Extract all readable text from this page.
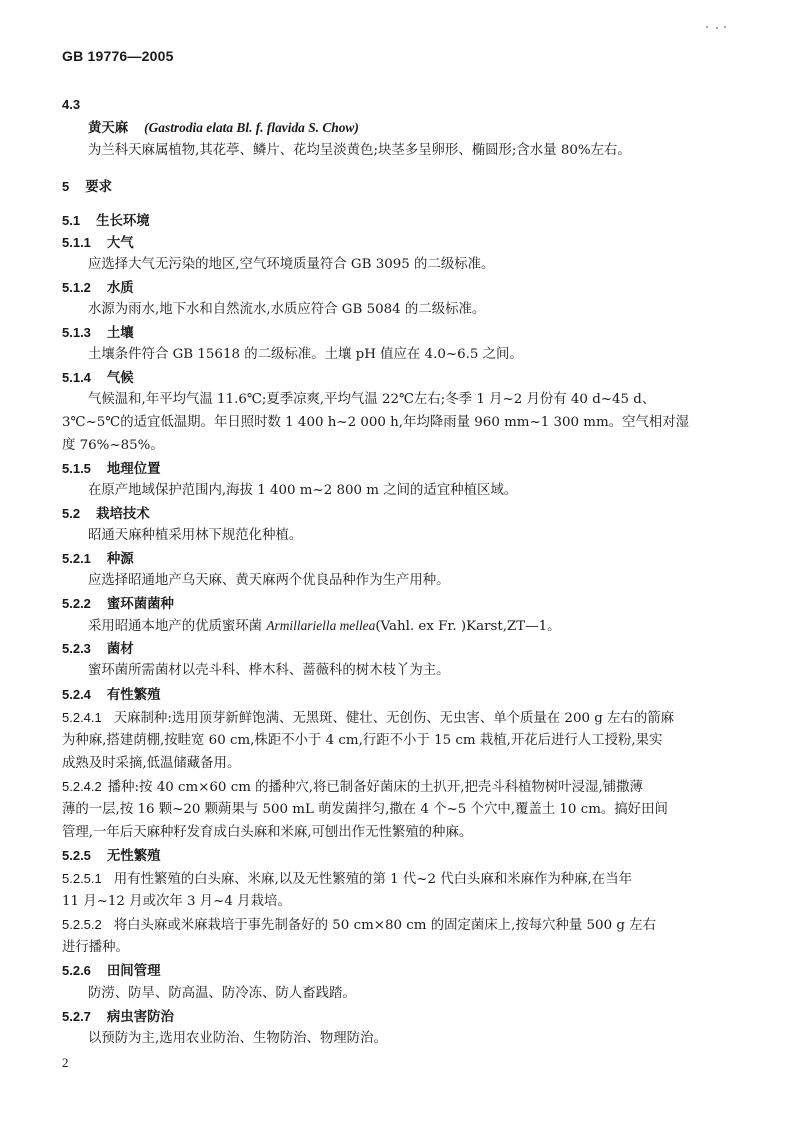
GB 19776—2005
4.3
黄天麻 (Gastrodia elata Bl. f. flavida S. Chow)
为兰科天麻属植物,其花葶、鳞片、花均呈淡黄色;块茎多呈卵形、椭圆形;含水量 80%左右。
5 要求
5.1 生长环境
5.1.1 大气
应选择大气无污染的地区,空气环境质量符合 GB 3095 的二级标准。
5.1.2 水质
水源为雨水,地下水和自然流水,水质应符合 GB 5084 的二级标准。
5.1.3 土壤
土壤条件符合 GB 15618 的二级标准。土壤 pH 值应在 4.0~6.5 之间。
5.1.4 气候
气候温和,年平均气温 11.6℃;夏季凉爽,平均气温 22℃左右;冬季 1 月~2 月份有 40 d~45 d、
3℃~5℃的适宜低温期。年日照时数 1 400 h~2 000 h,年均降雨量 960 mm~1 300 mm。空气相对湿
度 76%~85%。
5.1.5 地理位置
在原产地域保护范围内,海拔 1 400 m~2 800 m 之间的适宜种植区域。
5.2 栽培技术
昭通天麻种植采用林下规范化种植。
5.2.1 种源
应选择昭通地产乌天麻、黄天麻两个优良品种作为生产用种。
5.2.2 蜜环菌菌种
采用昭通本地产的优质蜜环菌 Armillariella mellea(Vahl. ex Fr. )Karst,ZT—1。
5.2.3 菌材
蜜环菌所需菌材以壳斗科、桦木科、蔷薇科的树木枝丫为主。
5.2.4 有性繁殖
5.2.4.1 天麻制种:选用顶芽新鲜饱满、无黑斑、健壮、无创伤、无虫害、单个质量在 200 g 左右的箭麻
为种麻,搭建荫棚,按畦宽 60 cm,株距不小于 4 cm,行距不小于 15 cm 栽植,开花后进行人工授粉,果实
成熟及时采摘,低温储藏备用。
5.2.4.2 播种:按 40 cm×60 cm 的播种穴,将已制备好菌床的土扒开,把壳斗科植物树叶浸湿,铺撒薄
薄的一层,按 16 颗~20 颗蒴果与 500 mL 萌发菌拌匀,撒在 4 个~5 个穴中,覆盖土 10 cm。搞好田间
管理,一年后天麻种籽发育成白头麻和米麻,可刨出作无性繁殖的种麻。
5.2.5 无性繁殖
5.2.5.1 用有性繁殖的白头麻、米麻,以及无性繁殖的第 1 代~2 代白头麻和米麻作为种麻,在当年
11 月~12 月或次年 3 月~4 月栽培。
5.2.5.2 将白头麻或米麻栽培于事先制备好的 50 cm×80 cm 的固定菌床上,按每穴种量 500 g 左右
进行播种。
5.2.6 田间管理
防涝、防旱、防高温、防冷冻、防人畜践踏。
5.2.7 病虫害防治
以预防为主,选用农业防治、生物防治、物理防治。
2
